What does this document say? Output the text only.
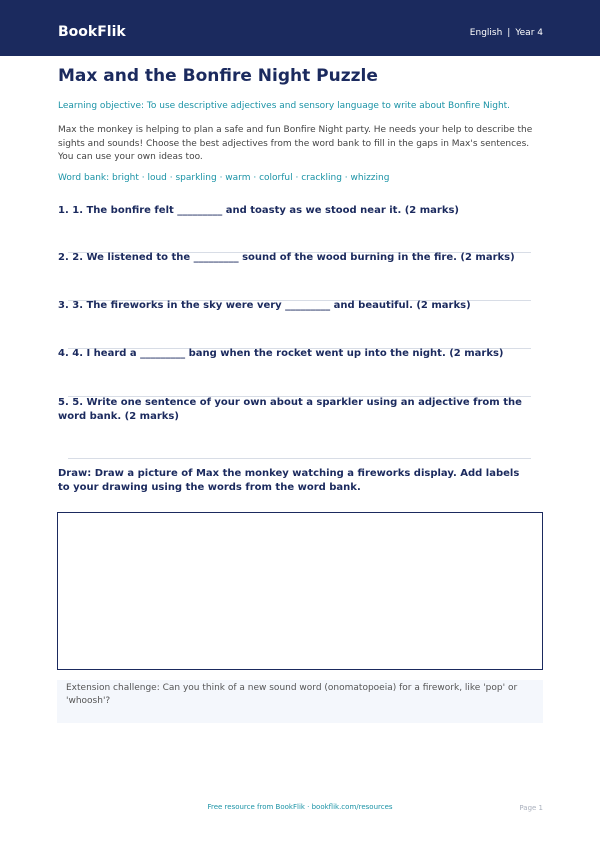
BookFlik	English | Year 4
Max and the Bonfire Night Puzzle
Learning objective: To use descriptive adjectives and sensory language to write about Bonfire Night.
Max the monkey is helping to plan a safe and fun Bonfire Night party. He needs your help to describe the sights and sounds! Choose the best adjectives from the word bank to fill in the gaps in Max's sentences. You can use your own ideas too.
Word bank: bright · loud · sparkling · warm · colorful · crackling · whizzing
1. 1. The bonfire felt _________ and toasty as we stood near it. (2 marks)
2. 2. We listened to the _________ sound of the wood burning in the fire. (2 marks)
3. 3. The fireworks in the sky were very _________ and beautiful. (2 marks)
4. 4. I heard a _________ bang when the rocket went up into the night. (2 marks)
5. 5. Write one sentence of your own about a sparkler using an adjective from the word bank. (2 marks)
Draw: Draw a picture of Max the monkey watching a fireworks display. Add labels to your drawing using the words from the word bank.
Extension challenge: Can you think of a new sound word (onomatopoeia) for a firework, like 'pop' or 'whoosh'?
Free resource from BookFlik · bookflik.com/resources	Page 1
